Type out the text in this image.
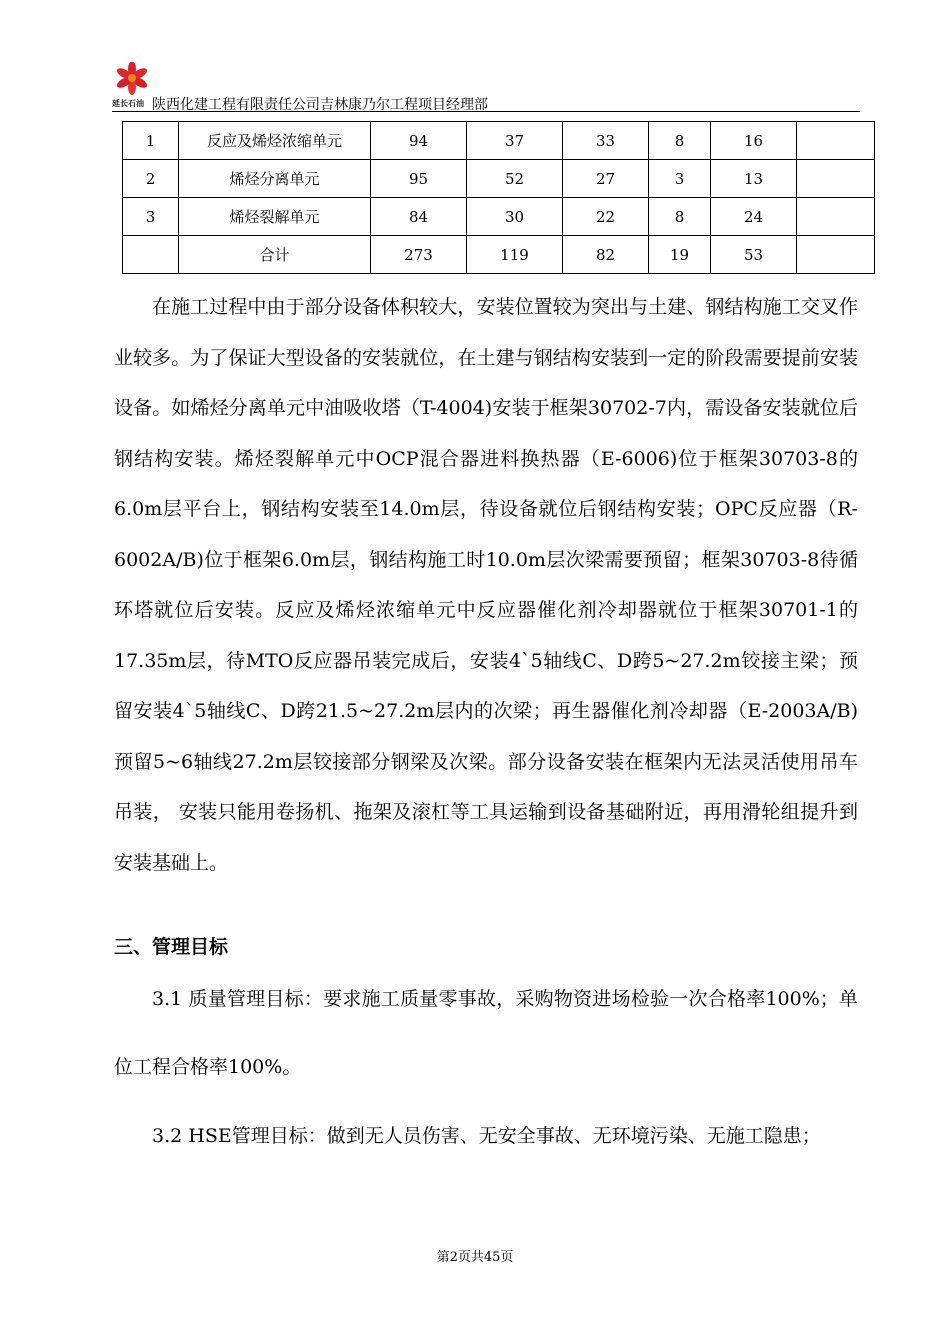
延长石油 陕西化建工程有限责任公司吉林康乃尔工程项目经理部
1	反应及烯烃浓缩单元	94	37	33	8	16	
2	烯烃分离单元	95	52	27	3	13	
3	烯烃裂解单元	84	30	22	8	24	
	合计	273	119	82	19	53	

在施工过程中由于部分设备体积较大，安装位置较为突出与土建、钢结构施工交叉作业较多。为了保证大型设备的安装就位，在土建与钢结构安装到一定的阶段需要提前安装设备。如烯烃分离单元中油吸收塔（T-4004)安装于框架30702-7内，需设备安装就位后钢结构安装。烯烃裂解单元中OCP混合器进料换热器（E-6006)位于框架30703-8的6.0m层平台上，钢结构安装至14.0m层，待设备就位后钢结构安装；OPC反应器（R-6002A/B)位于框架6.0m层，钢结构施工时10.0m层次梁需要预留；框架30703-8待循环塔就位后安装。反应及烯烃浓缩单元中反应器催化剂冷却器就位于框架30701-1的17.35m层，待MTO反应器吊装完成后，安装4`5轴线C、D跨5~27.2m铰接主梁；预留安装4`5轴线C、D跨21.5~27.2m层内的次梁；再生器催化剂冷却器（E-2003A/B)预留5~6轴线27.2m层铰接部分钢梁及次梁。部分设备安装在框架内无法灵活使用吊车吊装， 安装只能用卷扬机、拖架及滚杠等工具运输到设备基础附近，再用滑轮组提升到安装基础上。

三、管理目标

3.1 质量管理目标：要求施工质量零事故，采购物资进场检验一次合格率100%；单位工程合格率100%。

3.2 HSE管理目标：做到无人员伤害、无安全事故、无环境污染、无施工隐患；

第2页共45页
